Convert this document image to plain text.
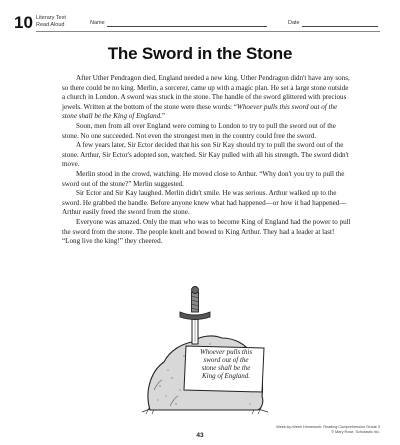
10 Literary Text
Read Aloud	Name	Date
The Sword in the Stone

After Uther Pendragon died, England needed a new king. Uther Pendragon didn't have any sons, so there could be no king. Merlin, a sorcerer, came up with a magic plan. He set a large stone outside a church in London. A sword was stuck in the stone. The handle of the sword glittered with precious jewels. Written at the bottom of the stone were these words: “Whoever pulls this sword out of the stone shall be the King of England.”

Soon, men from all over England were coming to London to try to pull the sword out of the stone. No one succeeded. Not even the strongest men in the country could free the sword.

A few years later, Sir Ector decided that his son Sir Kay should try to pull the sword out of the stone. Arthur, Sir Ector's adopted son, watched. Sir Kay pulled with all his strength. The sword didn't move.

Merlin stood in the crowd, watching. He moved close to Arthur. “Why don't you try to pull the sword out of the stone?” Merlin suggested.

Sir Ector and Sir Kay laughed. Merlin didn't smile. He was serious. Arthur walked up to the sword. He grabbed the handle. Before anyone knew what had happened—or how it had happened—Arthur easily freed the sword from the stone.

Everyone was amazed. Only the man who was to become King of England had the power to pull the sword from the stone. The people knelt and bowed to King Arthur. They had a leader at last! “Long live the king!” they cheered.

Whoever pulls this
sword out of the
stone shall be the
King of England.
Week-by-Week Homework: Reading Comprehension Grade 3
© Mary Rose, Scholastic Inc.
43
